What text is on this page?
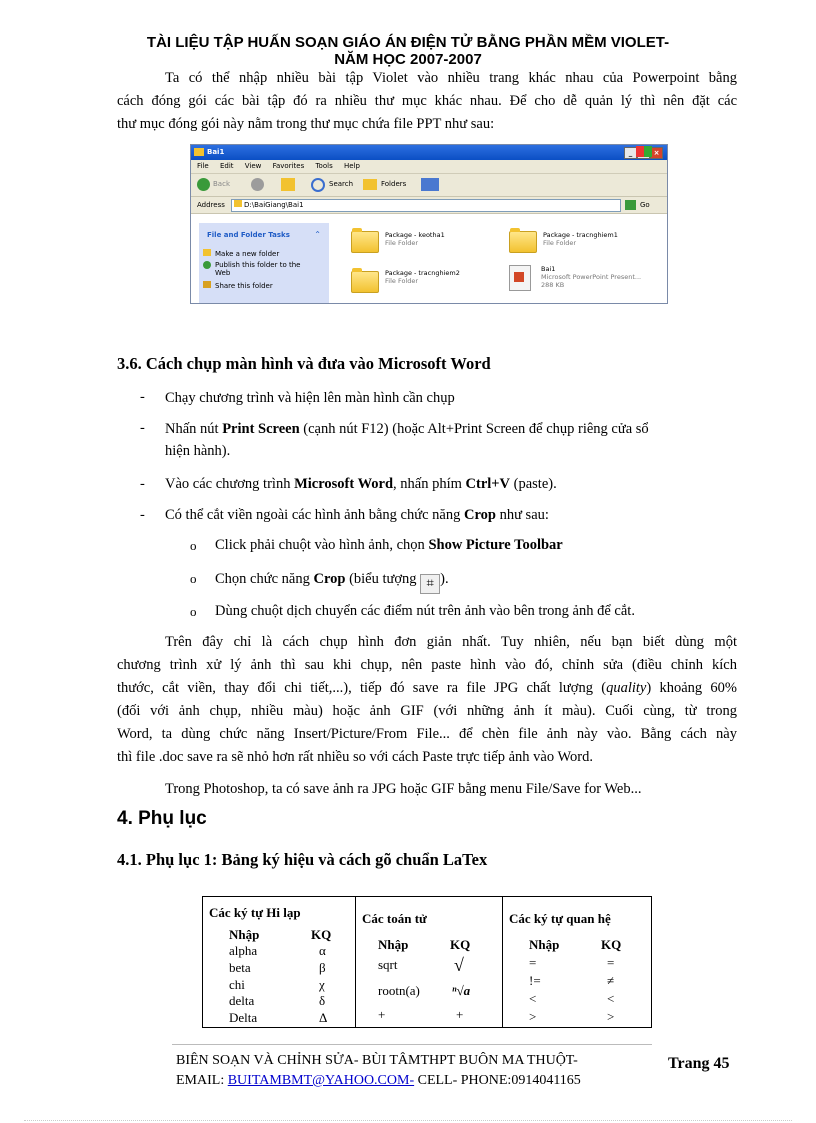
TÀI LIỆU TẬP HUẤN SOẠN GIÁO ÁN ĐIỆN TỬ BẰNG PHẦN MỀM VIOLET-
NĂM HỌC 2007-2007
Ta có thể nhập nhiều bài tập Violet vào nhiều trang khác nhau của Powerpoint bằng
cách đóng gói các bài tập đó ra nhiều thư mục khác nhau. Để cho dễ quản lý thì nên đặt các
thư mục đóng gói này nằm trong thư mục chứa file PPT như sau:
Bai1	_	×
File Edit View Favorites Tools Help
Back	Search	Folders
Address	D:\BaiGiang\Bai1	Go
File and Folder Tasks	⌃
Make a new folder
Publish this folder to the Web
Share this folder
Package - keotha1
File Folder
Package - tracnghiem1
File Folder
Package - tracnghiem2
File Folder
Bai1
Microsoft PowerPoint Present...
288 KB
3.6. Cách chụp màn hình và đưa vào Microsoft Word
- Chạy chương trình và hiện lên màn hình cần chụp
- Nhấn nút Print Screen (cạnh nút F12) (hoặc Alt+Print Screen để chụp riêng cửa sổ
hiện hành).
- Vào các chương trình Microsoft Word, nhấn phím Ctrl+V (paste).
- Có thể cắt viền ngoài các hình ảnh bằng chức năng Crop như sau:
o Click phải chuột vào hình ảnh, chọn Show Picture Toolbar
o Chọn chức năng Crop (biểu tượng ⌗ ).
o Dùng chuột dịch chuyển các điểm nút trên ảnh vào bên trong ảnh để cắt.
Trên đây chỉ là cách chụp hình đơn giản nhất. Tuy nhiên, nếu bạn biết dùng một
chương trình xử lý ảnh thì sau khi chụp, nên paste hình vào đó, chỉnh sửa (điều chỉnh kích
thước, cắt viền, thay đổi chi tiết,...), tiếp đó save ra file JPG chất lượng (quality) khoảng 60%
(đối với ảnh chụp, nhiều màu) hoặc ảnh GIF (với những ảnh ít màu). Cuối cùng, từ trong
Word, ta dùng chức năng Insert/Picture/From File... để chèn file ảnh này vào. Bằng cách này
thì file .doc save ra sẽ nhỏ hơn rất nhiều so với cách Paste trực tiếp ảnh vào Word.
Trong Photoshop, ta có save ảnh ra JPG hoặc GIF bằng menu File/Save for Web...
4. Phụ lục
4.1. Phụ lục 1: Bảng ký hiệu và cách gõ chuẩn LaTex
Các ký tự Hi lạp
Nhập	KQ
alpha	α
beta	β
chi	χ
delta	δ
Delta	Δ

Các toán tử
Nhập	KQ
sqrt	√
rootn(a) ⁿ√a
+	+

Các ký tự quan hệ
Nhập	KQ
=	=
!=	≠
<	<
>	>
BIÊN SOẠN VÀ CHỈNH SỬA- BÙI TÂMTHPT BUÔN MA THUỘT-
EMAIL: BUITAMBMT@YAHOO.COM- CELL- PHONE:0914041165
Trang 45
